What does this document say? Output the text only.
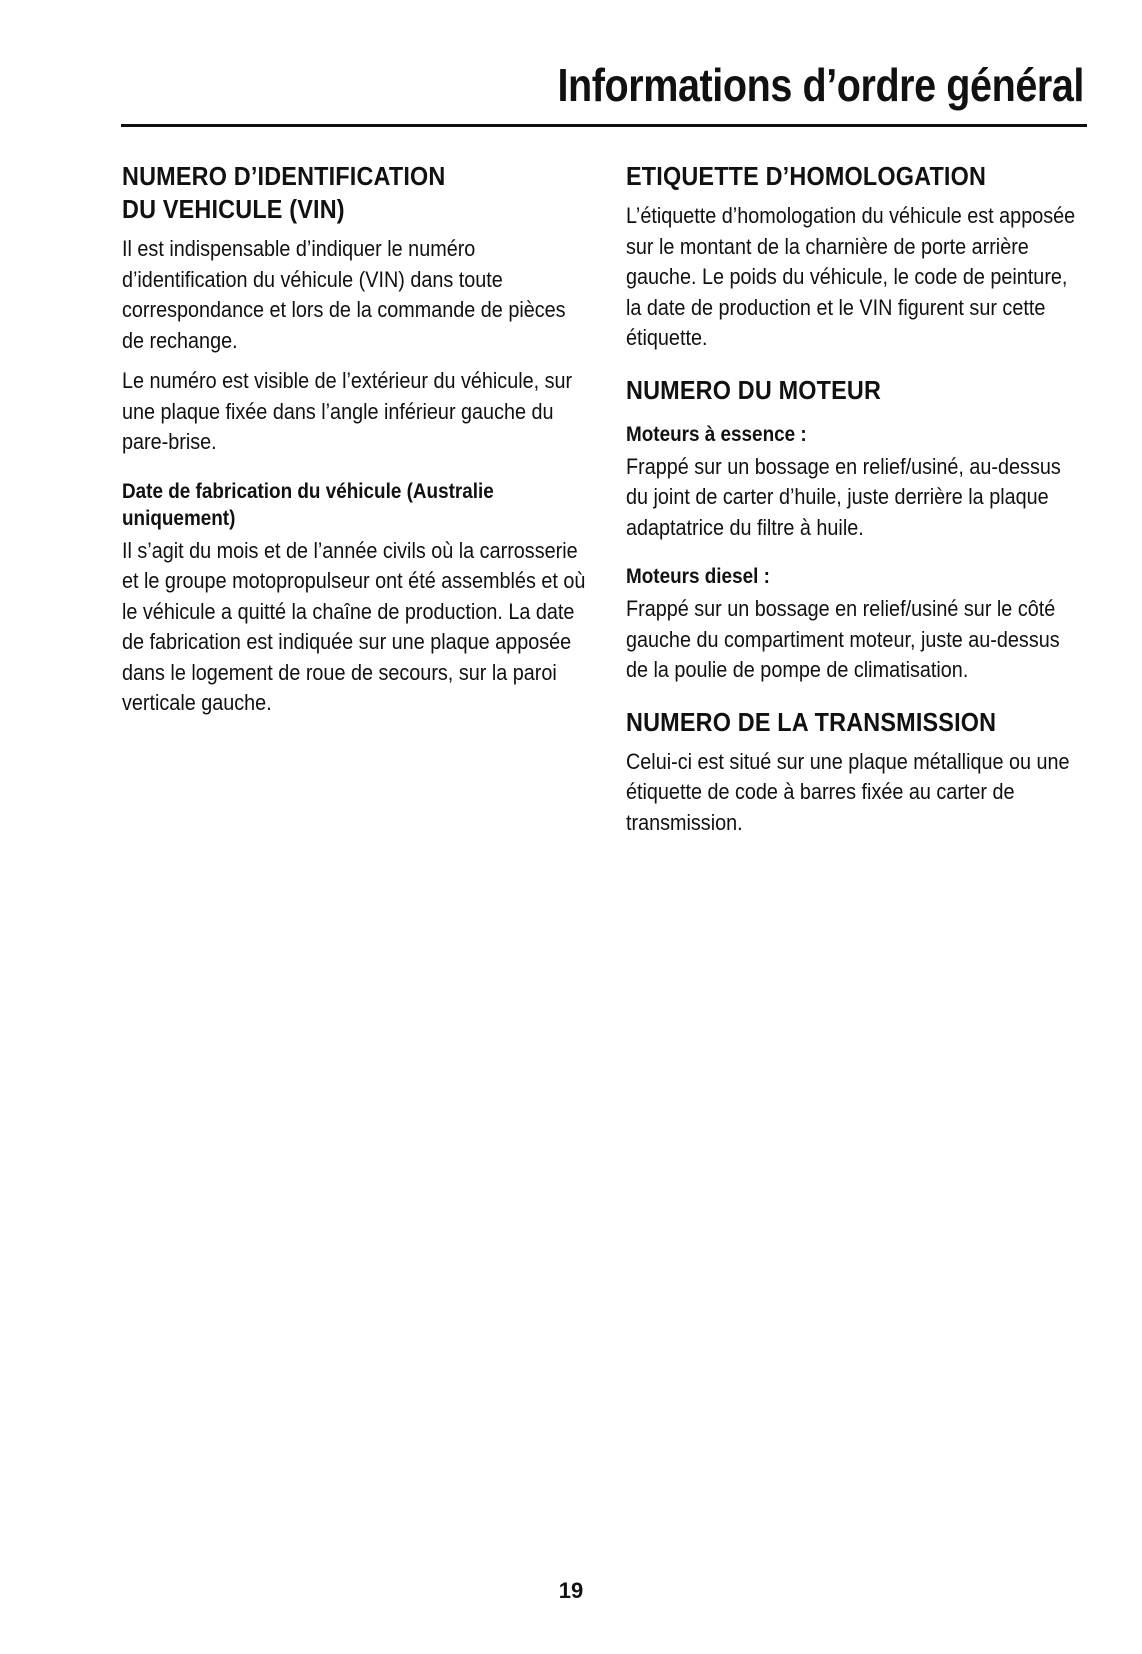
Informations d’ordre général
NUMERO D’IDENTIFICATION
DU VEHICULE (VIN)

Il est indispensable d’indiquer le numéro d’identification du véhicule (VIN) dans toute correspondance et lors de la commande de pièces de rechange.

Le numéro est visible de l’extérieur du véhicule, sur une plaque fixée dans l’angle inférieur gauche du pare-brise.

Date de fabrication du véhicule (Australie uniquement)

Il s’agit du mois et de l’année civils où la carrosserie et le groupe motopropulseur ont été assemblés et où le véhicule a quitté la chaîne de production. La date de fabrication est indiquée sur une plaque apposée dans le logement de roue de secours, sur la paroi verticale gauche.

ETIQUETTE D’HOMOLOGATION

L’étiquette d’homologation du véhicule est apposée sur le montant de la charnière de porte arrière gauche. Le poids du véhicule, le code de peinture, la date de production et le VIN figurent sur cette étiquette.

NUMERO DU MOTEUR
Moteurs à essence :

Frappé sur un bossage en relief/usiné, au-dessus du joint de carter d’huile, juste derrière la plaque adaptatrice du filtre à huile.

Moteurs diesel :

Frappé sur un bossage en relief/usiné sur le côté gauche du compartiment moteur, juste au-dessus de la poulie de pompe de climatisation.

NUMERO DE LA TRANSMISSION

Celui-ci est situé sur une plaque métallique ou une étiquette de code à barres fixée au carter de transmission.

19
